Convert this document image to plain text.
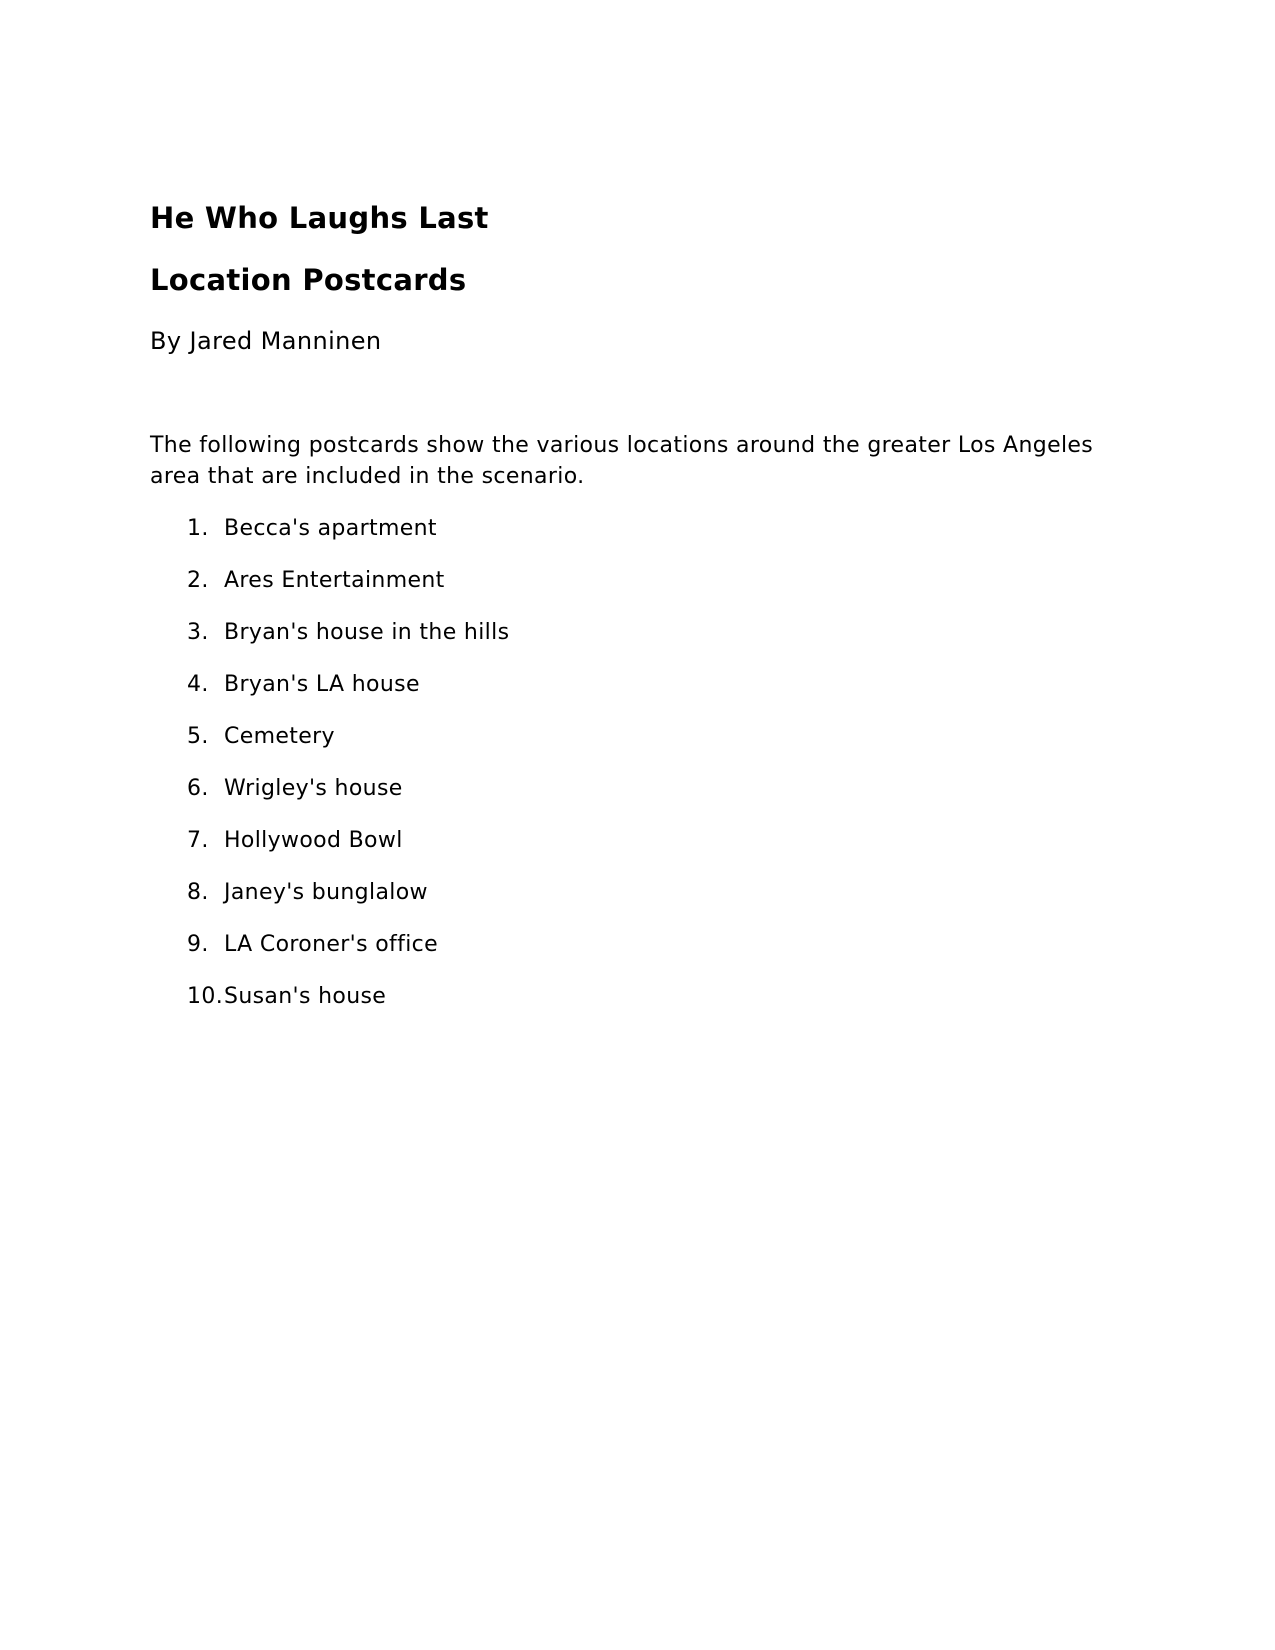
He Who Laughs Last
Location Postcards

By Jared Manninen

The following postcards show the various locations around the greater Los Angeles area that are included in the scenario.

1. Becca's apartment
2. Ares Entertainment
3. Bryan's house in the hills
4. Bryan's LA house
5. Cemetery
6. Wrigley's house
7. Hollywood Bowl
8. Janey's bunglalow
9. LA Coroner's office
10. Susan's house
